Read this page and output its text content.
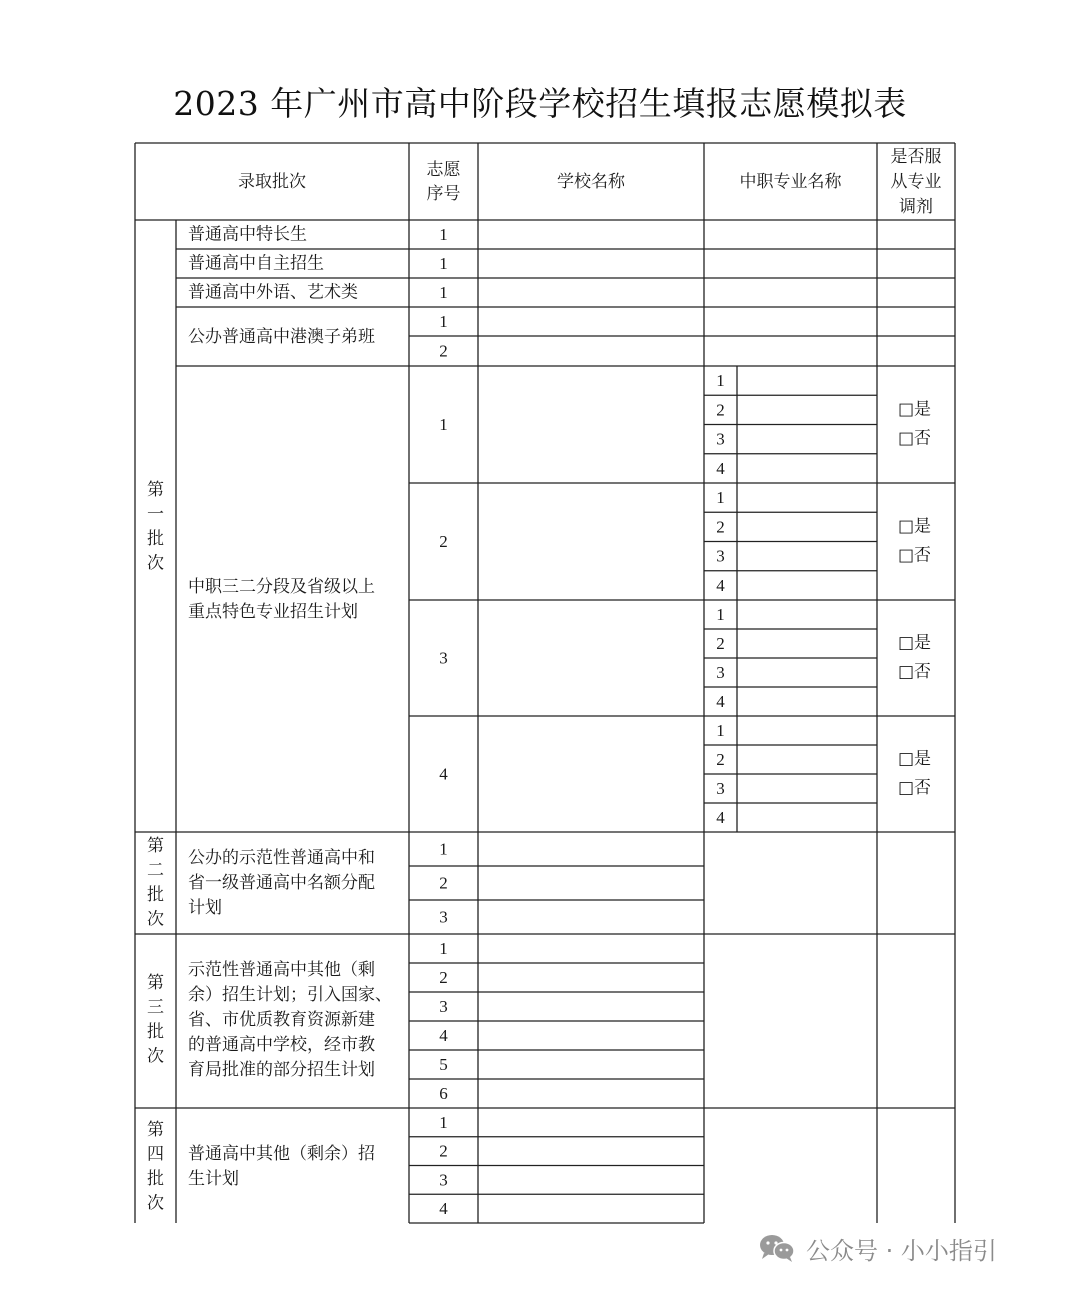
2023 年广州市高中阶段学校招生填报志愿模拟表
录取批次
志愿
序号
学校名称	中职专业名称
是否服
从专业
调剂
普通高中特长生
普通高中自主招生
普通高中外语、艺术类
公办普通高中港澳子弟班
1
1
1
1
2
1
1
2
3
4
□是
□否
2
1
2
3
4
□是
□否
3
1
2
3
4
□是
□否
4
1
2
3
4
□是
□否
中职三二分段及省级以上
重点特色专业招生计划
第
一
批
次
1
2
3
公办的示范性普通高中和
省一级普通高中名额分配
计划
第
二
批
次
1
2
3
4
5
6
示范性普通高中其他（剩
余）招生计划；引入国家、
省、市优质教育资源新建
的普通高中学校，经市教
育局批准的部分招生计划
第
三
批
次
1
2
3
4
普通高中其他（剩余）招
生计划
第
四
批
次
公众号 · 小小指引
